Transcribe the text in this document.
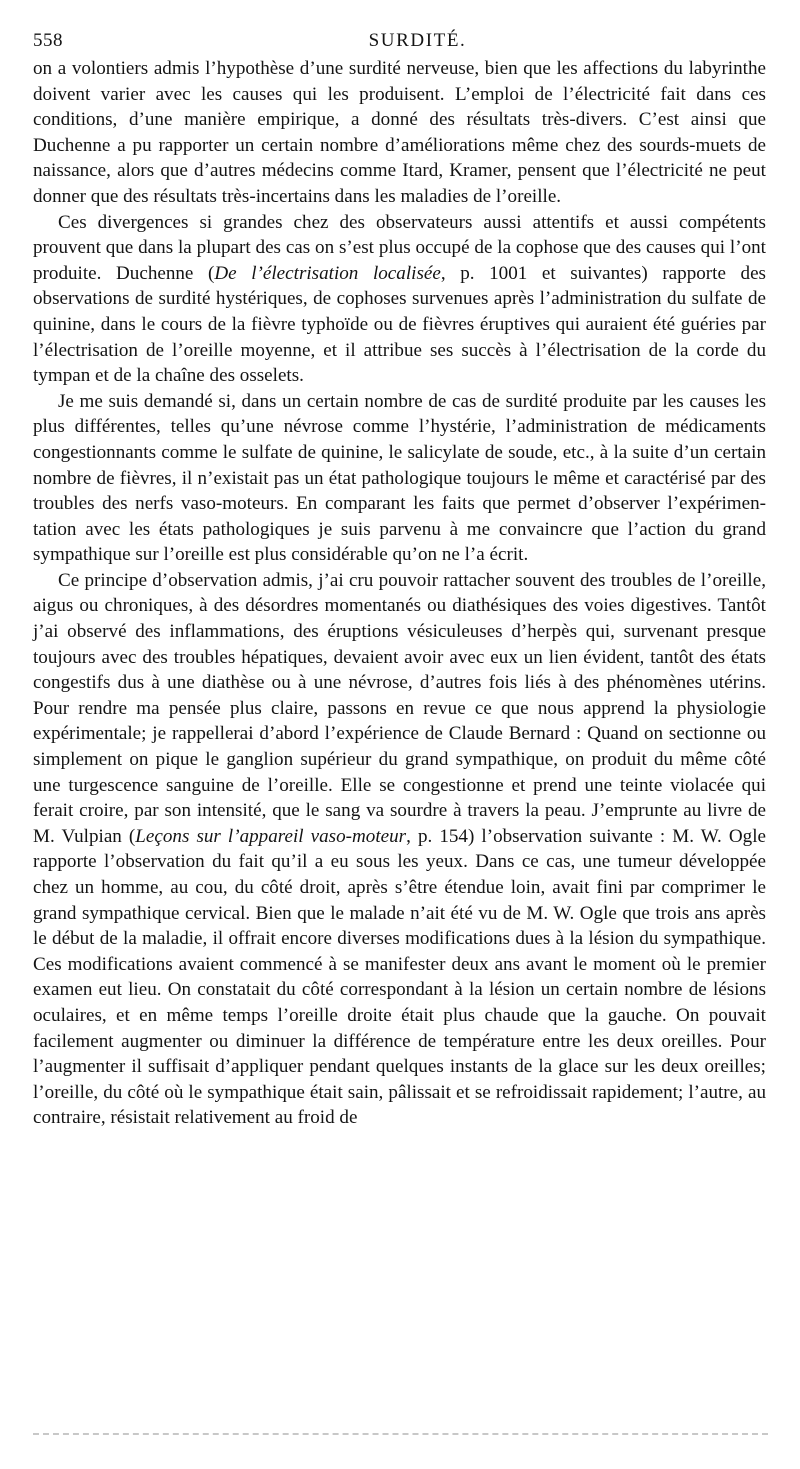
558	SURDITÉ.

on a volontiers admis l’hypothèse d’une surdité nerveuse, bien que les affections du labyrinthe doivent varier avec les causes qui les produisent. L’emploi de l’électricité fait dans ces conditions, d’une manière empirique, a donné des résultats très-divers. C’est ainsi que Duchenne a pu rapporter un certain nombre d’améliorations même chez des sourds-muets de naissance, alors que d’autres médecins comme Itard, Kramer, pensent que l’électricité ne peut donner que des résultats très-incertains dans les maladies de l’oreille.

Ces divergences si grandes chez des observateurs aussi attentifs et aussi compétents prouvent que dans la plupart des cas on s’est plus occupé de la cophose que des causes qui l’ont produite. Duchenne (De l’électrisation localisée, p. 1001 et suivantes) rapporte des observations de surdité hystériques, de cophoses survenues après l’administration du sulfate de quinine, dans le cours de la fièvre typhoïde ou de fièvres éruptives qui auraient été guéries par l’électrisation de l’oreille moyenne, et il attribue ses succès à l’électrisation de la corde du tympan et de la chaîne des osselets.

Je me suis demandé si, dans un certain nombre de cas de surdité produite par les causes les plus différentes, telles qu’une névrose comme l’hystérie, l’administration de médicaments congestionnants comme le sulfate de quinine, le salicylate de soude, etc., à la suite d’un certain nombre de fièvres, il n’existait pas un état pathologique toujours le même et caractérisé par des troubles des nerfs vaso-moteurs. En comparant les faits que permet d’observer l’expérimentation avec les états pathologiques je suis parvenu à me convaincre que l’action du grand sympathique sur l’oreille est plus considérable qu’on ne l’a écrit.

Ce principe d’observation admis, j’ai cru pouvoir rattacher souvent des troubles de l’oreille, aigus ou chroniques, à des désordres momentanés ou diathésiques des voies digestives. Tantôt j’ai observé des inflammations, des éruptions vésiculeuses d’herpès qui, survenant presque toujours avec des troubles hépatiques, devaient avoir avec eux un lien évident, tantôt des états congestifs dus à une diathèse ou à une névrose, d’autres fois liés à des phénomènes utérins. Pour rendre ma pensée plus claire, passons en revue ce que nous apprend la physiologie expérimentale; je rappellerai d’abord l’expérience de Claude Bernard : Quand on sectionne ou simplement on pique le ganglion supérieur du grand sympathique, on produit du même côté une turgescence sanguine de l’oreille. Elle se congestionne et prend une teinte violacée qui ferait croire, par son intensité, que le sang va sourdre à travers la peau. J’emprunte au livre de M. Vulpian (Leçons sur l’appareil vaso-moteur, p. 154) l’observation suivante : M. W. Ogle rapporte l’observation du fait qu’il a eu sous les yeux. Dans ce cas, une tumeur développée chez un homme, au cou, du côté droit, après s’être étendue loin, avait fini par comprimer le grand sympathique cervical. Bien que le malade n’ait été vu de M. W. Ogle que trois ans après le début de la maladie, il offrait encore diverses modifications dues à la lésion du sympathique. Ces modifications avaient commencé à se manifester deux ans avant le moment où le premier examen eut lieu. On constatait du côté correspondant à la lésion un certain nombre de lésions oculaires, et en même temps l’oreille droite était plus chaude que la gauche. On pouvait facilement augmenter ou diminuer la différence de température entre les deux oreilles. Pour l’augmenter il suffisait d’appliquer pendant quelques instants de la glace sur les deux oreilles; l’oreille, du côté où le sympathique était sain, pâlissait et se refroidissait rapidement; l’autre, au contraire, résistait relativement au froid de
